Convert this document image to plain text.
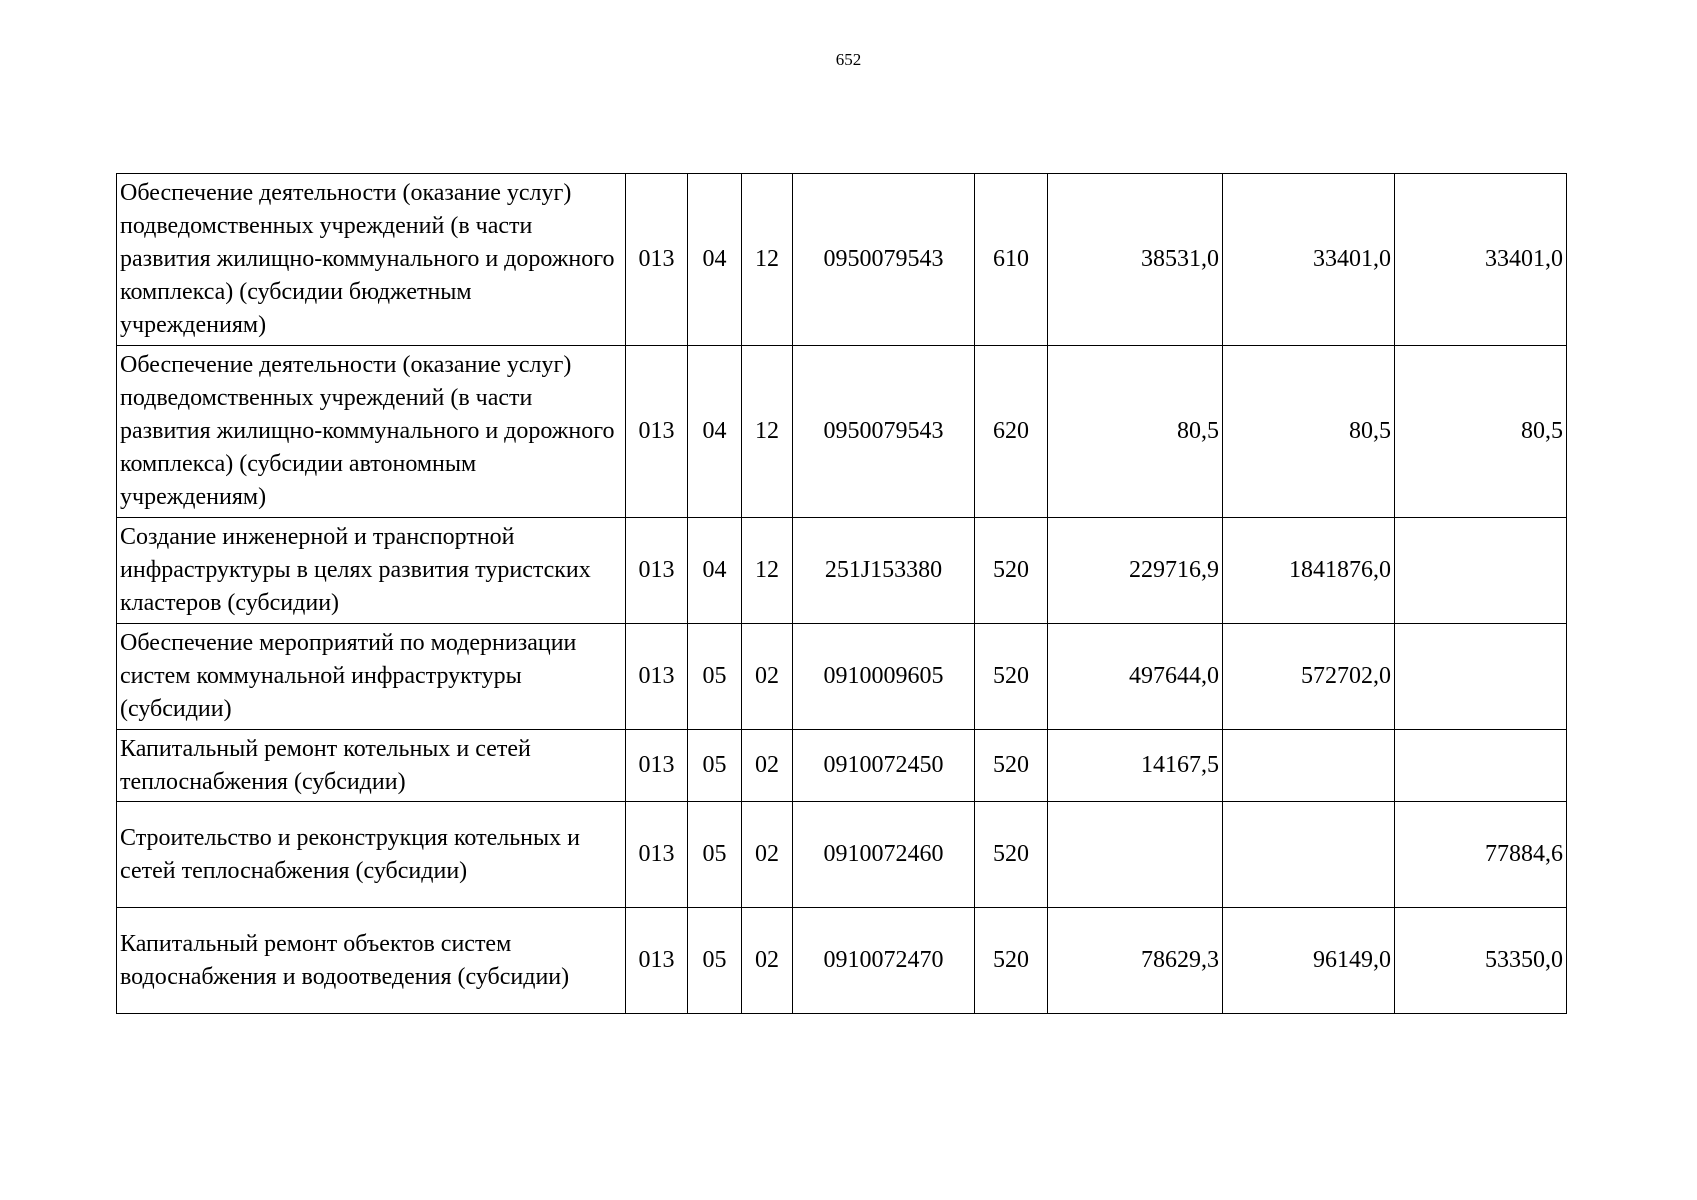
652
Обеспечение деятельности (оказание услуг) подведомственных учреждений (в части развития жилищно-коммунального и дорожного комплекса) (субсидии бюджетным учреждениям)	013	04	12	0950079543	610	38531,0	33401,0	33401,0
Обеспечение деятельности (оказание услуг) подведомственных учреждений (в части развития жилищно-коммунального и дорожного комплекса) (субсидии автономным учреждениям)	013	04	12	0950079543	620	80,5	80,5	80,5
Создание инженерной и транспортной инфраструктуры в целях развития туристских кластеров (субсидии)	013	04	12	251J153380	520	229716,9	1841876,0	
Обеспечение мероприятий по модернизации систем коммунальной инфраструктуры (субсидии)	013	05	02	0910009605	520	497644,0	572702,0	
Капитальный ремонт котельных и сетей теплоснабжения (субсидии)	013	05	02	0910072450	520	14167,5		
Строительство и реконструкция котельных и сетей теплоснабжения (субсидии)	013	05	02	0910072460	520			77884,6
Капитальный ремонт объектов систем водоснабжения и водоотведения (субсидии)	013	05	02	0910072470	520	78629,3	96149,0	53350,0
